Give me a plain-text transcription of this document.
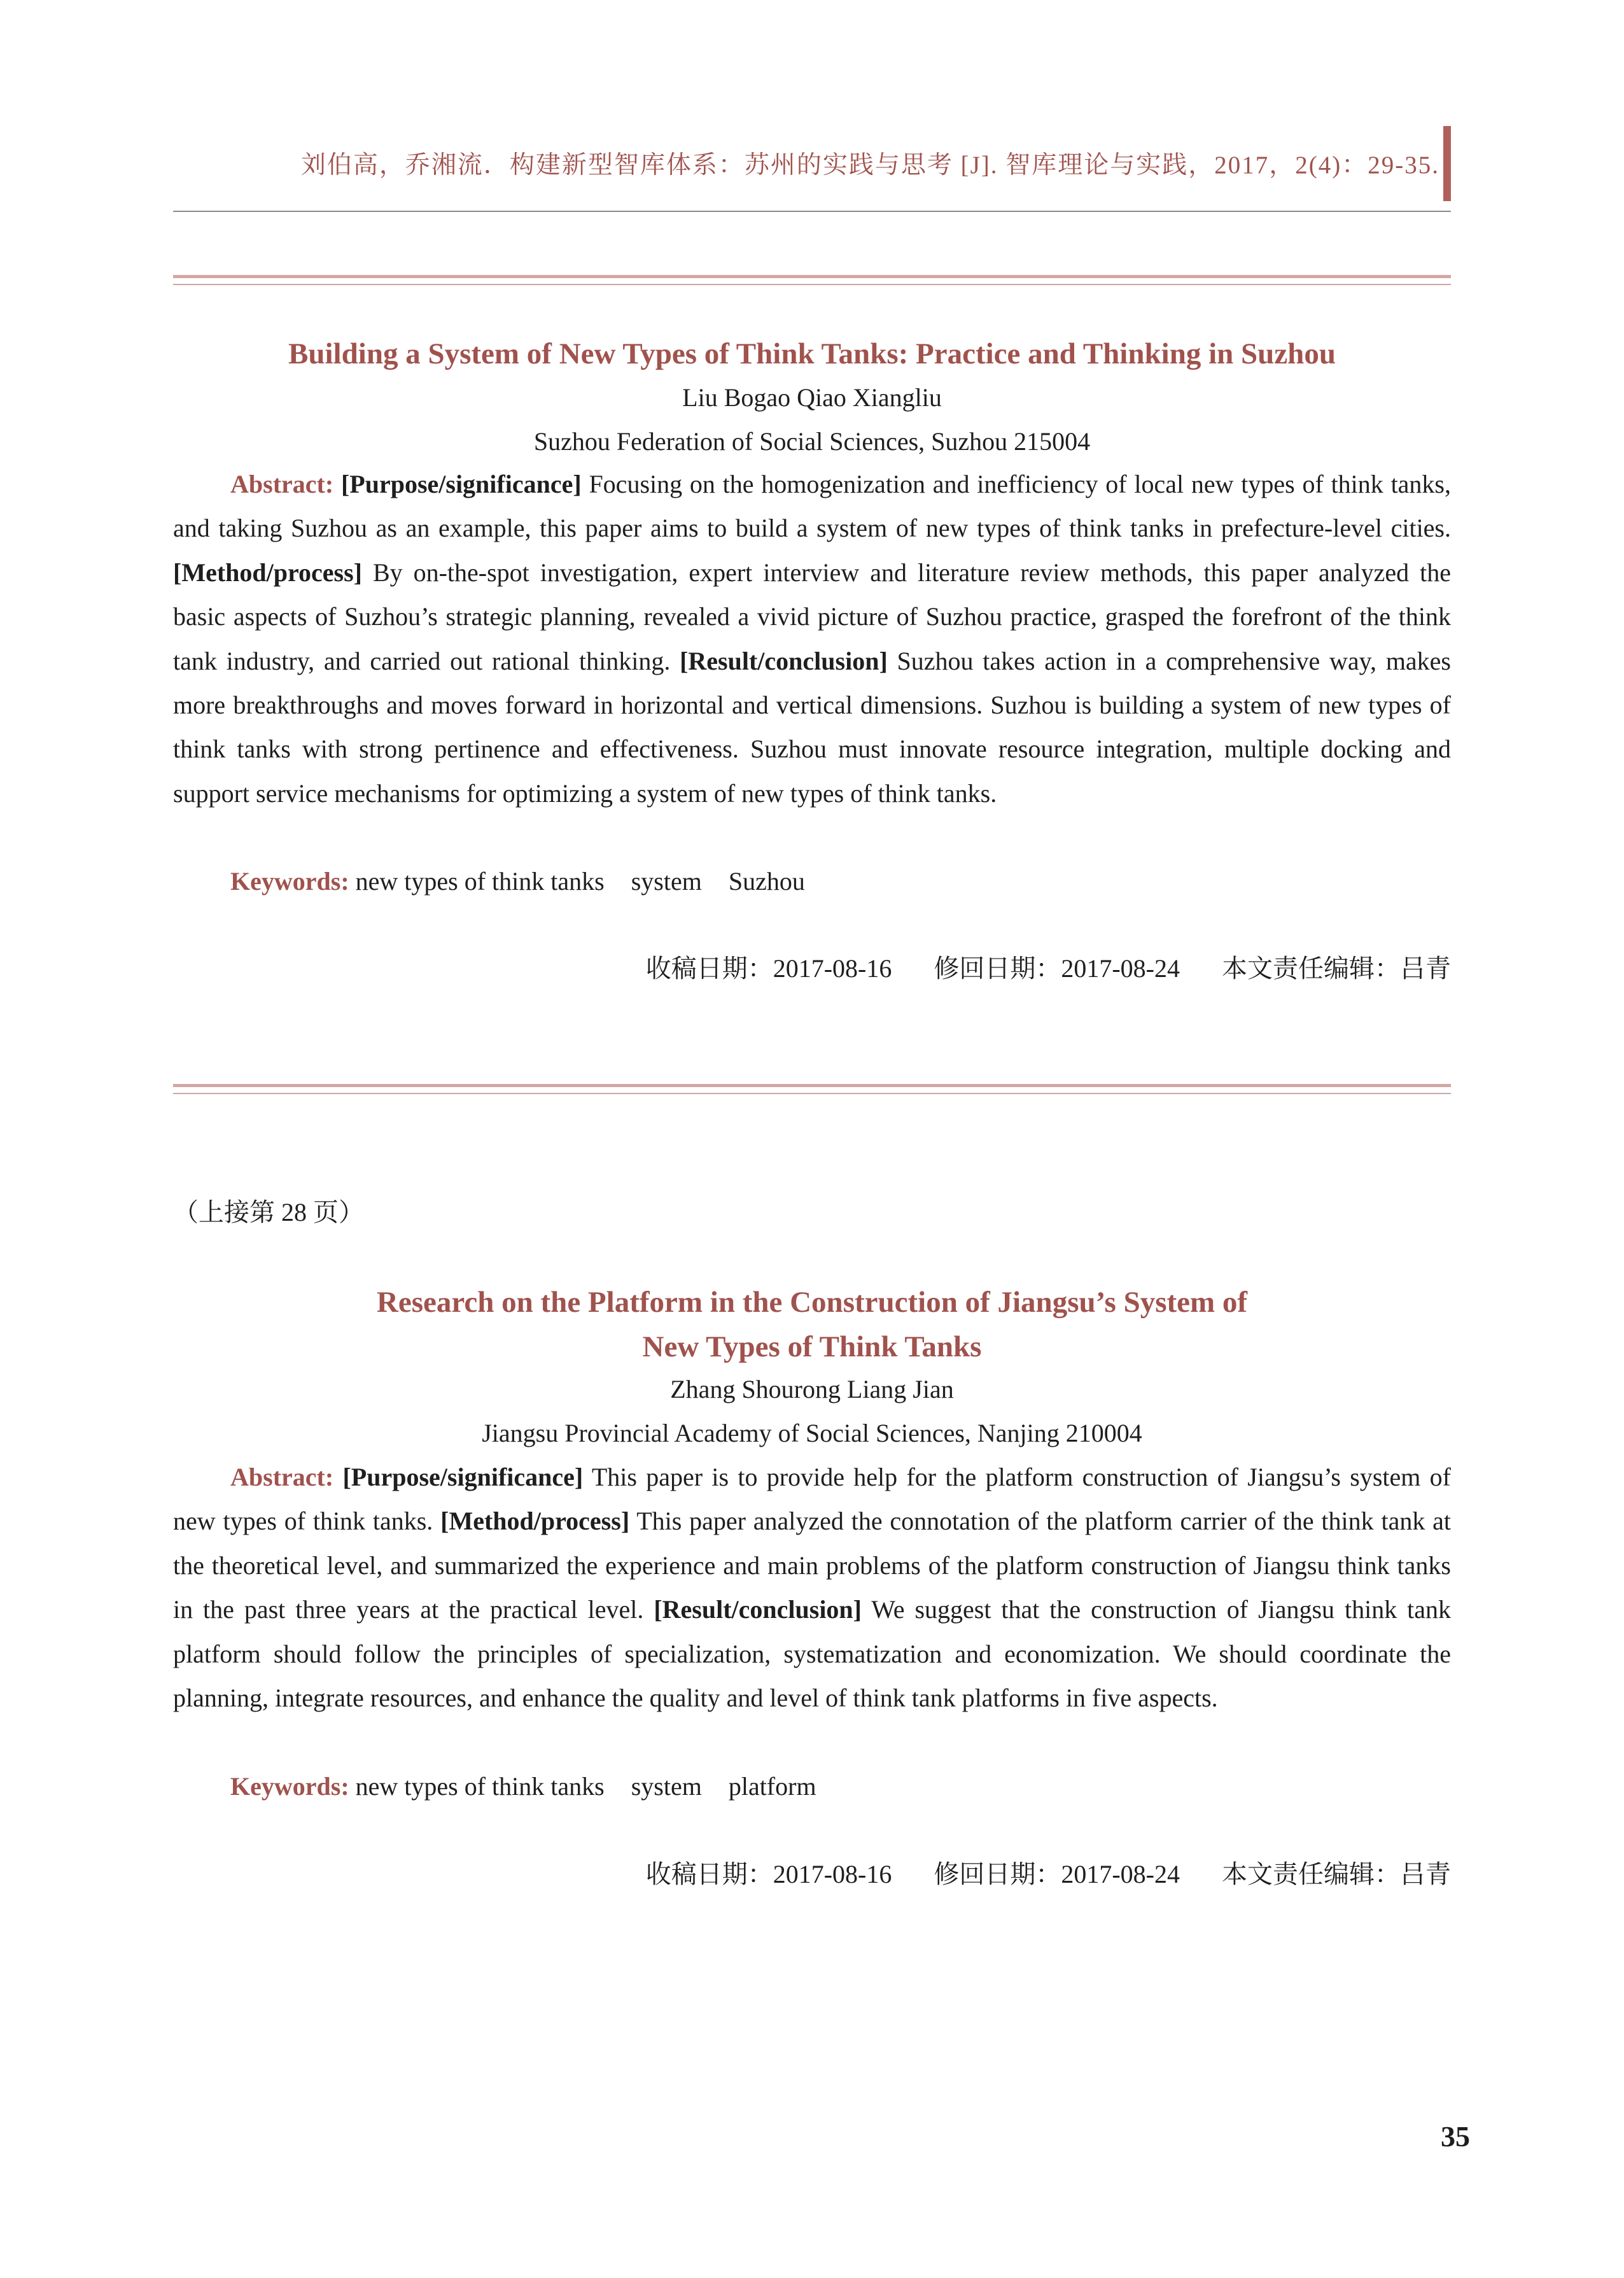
刘伯高，乔湘流．构建新型智库体系：苏州的实践与思考 [J]. 智库理论与实践，2017，2(4)：29-35.
Building a System of New Types of Think Tanks: Practice and Thinking in Suzhou
Liu Bogao Qiao Xiangliu
Suzhou Federation of Social Sciences, Suzhou 215004

Abstract: [Purpose/significance] Focusing on the homogenization and inefficiency of local new types of think tanks, and taking Suzhou as an example, this paper aims to build a system of new types of think tanks in prefecture-level cities. [Method/process] By on-the-spot investigation, expert interview and literature review methods, this paper analyzed the basic aspects of Suzhou’s strategic planning, revealed a vivid picture of Suzhou practice, grasped the forefront of the think tank industry, and carried out rational thinking. [Result/conclusion] Suzhou takes action in a comprehensive way, makes more breakthroughs and moves forward in horizontal and vertical dimensions. Suzhou is building a system of new types of think tanks with strong pertinence and effectiveness. Suzhou must innovate resource integration, multiple docking and support service mechanisms for optimizing a system of new types of think tanks.

Keywords: new types of think tanks system Suzhou
收稿日期：2017-08-16 修回日期：2017-08-24 本文责任编辑：吕青
（上接第 28 页）
Research on the Platform in the Construction of Jiangsu’s System of
New Types of Think Tanks
Zhang Shourong Liang Jian
Jiangsu Provincial Academy of Social Sciences, Nanjing 210004

Abstract: [Purpose/significance] This paper is to provide help for the platform construction of Jiangsu’s system of new types of think tanks. [Method/process] This paper analyzed the connotation of the platform carrier of the think tank at the theoretical level, and summarized the experience and main problems of the platform construction of Jiangsu think tanks in the past three years at the practical level. [Result/conclusion] We suggest that the construction of Jiangsu think tank platform should follow the principles of specialization, systematization and economization. We should coordinate the planning, integrate resources, and enhance the quality and level of think tank platforms in five aspects.

Keywords: new types of think tanks system platform
收稿日期：2017-08-16 修回日期：2017-08-24 本文责任编辑：吕青
35
